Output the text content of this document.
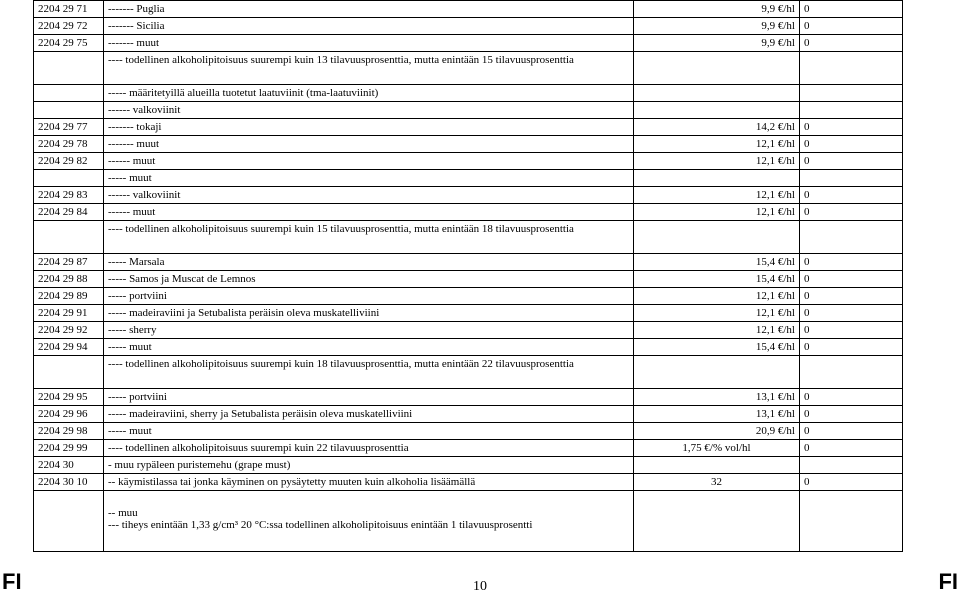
2204 29 71	------- Puglia	9,9 €/hl	0
2204 29 72	------- Sicilia	9,9 €/hl	0
2204 29 75	------- muut	9,9 €/hl	0
	---- todellinen alkoholipitoisuus suurempi kuin 13 tilavuusprosenttia, mutta enintään 15 tilavuusprosenttia		
	----- määritetyillä alueilla tuotetut laatuviinit (tma-laatuviinit)		
	------ valkoviinit		
2204 29 77	------- tokaji	14,2 €/hl	0
2204 29 78	------- muut	12,1 €/hl	0
2204 29 82	------ muut	12,1 €/hl	0
	----- muut		
2204 29 83	------ valkoviinit	12,1 €/hl	0
2204 29 84	------ muut	12,1 €/hl	0
	---- todellinen alkoholipitoisuus suurempi kuin 15 tilavuusprosenttia, mutta enintään 18 tilavuusprosenttia		
2204 29 87	----- Marsala	15,4 €/hl	0
2204 29 88	----- Samos ja Muscat de Lemnos	15,4 €/hl	0
2204 29 89	----- portviini	12,1 €/hl	0
2204 29 91	----- madeiraviini ja Setubalista peräisin oleva muskatelliviini	12,1 €/hl	0
2204 29 92	----- sherry	12,1 €/hl	0
2204 29 94	----- muut	15,4 €/hl	0
	---- todellinen alkoholipitoisuus suurempi kuin 18 tilavuusprosenttia, mutta enintään 22 tilavuusprosenttia		
2204 29 95	----- portviini	13,1 €/hl	0
2204 29 96	----- madeiraviini, sherry ja Setubalista peräisin oleva muskatelliviini	13,1 €/hl	0
2204 29 98	----- muut	20,9 €/hl	0
2204 29 99	---- todellinen alkoholipitoisuus suurempi kuin 22 tilavuusprosenttia	1,75 €/% vol/hl	0
2204 30	- muu rypäleen puristemehu (grape must)		
2204 30 10	-- käymistilassa tai jonka käyminen on pysäytetty muuten kuin alkoholia lisäämällä	32	0
	-- muu
--- tiheys enintään 1,33 g/cm³ 20 °C:ssa todellinen alkoholipitoisuus enintään 1 tilavuusprosentti		
FI	10	FI
